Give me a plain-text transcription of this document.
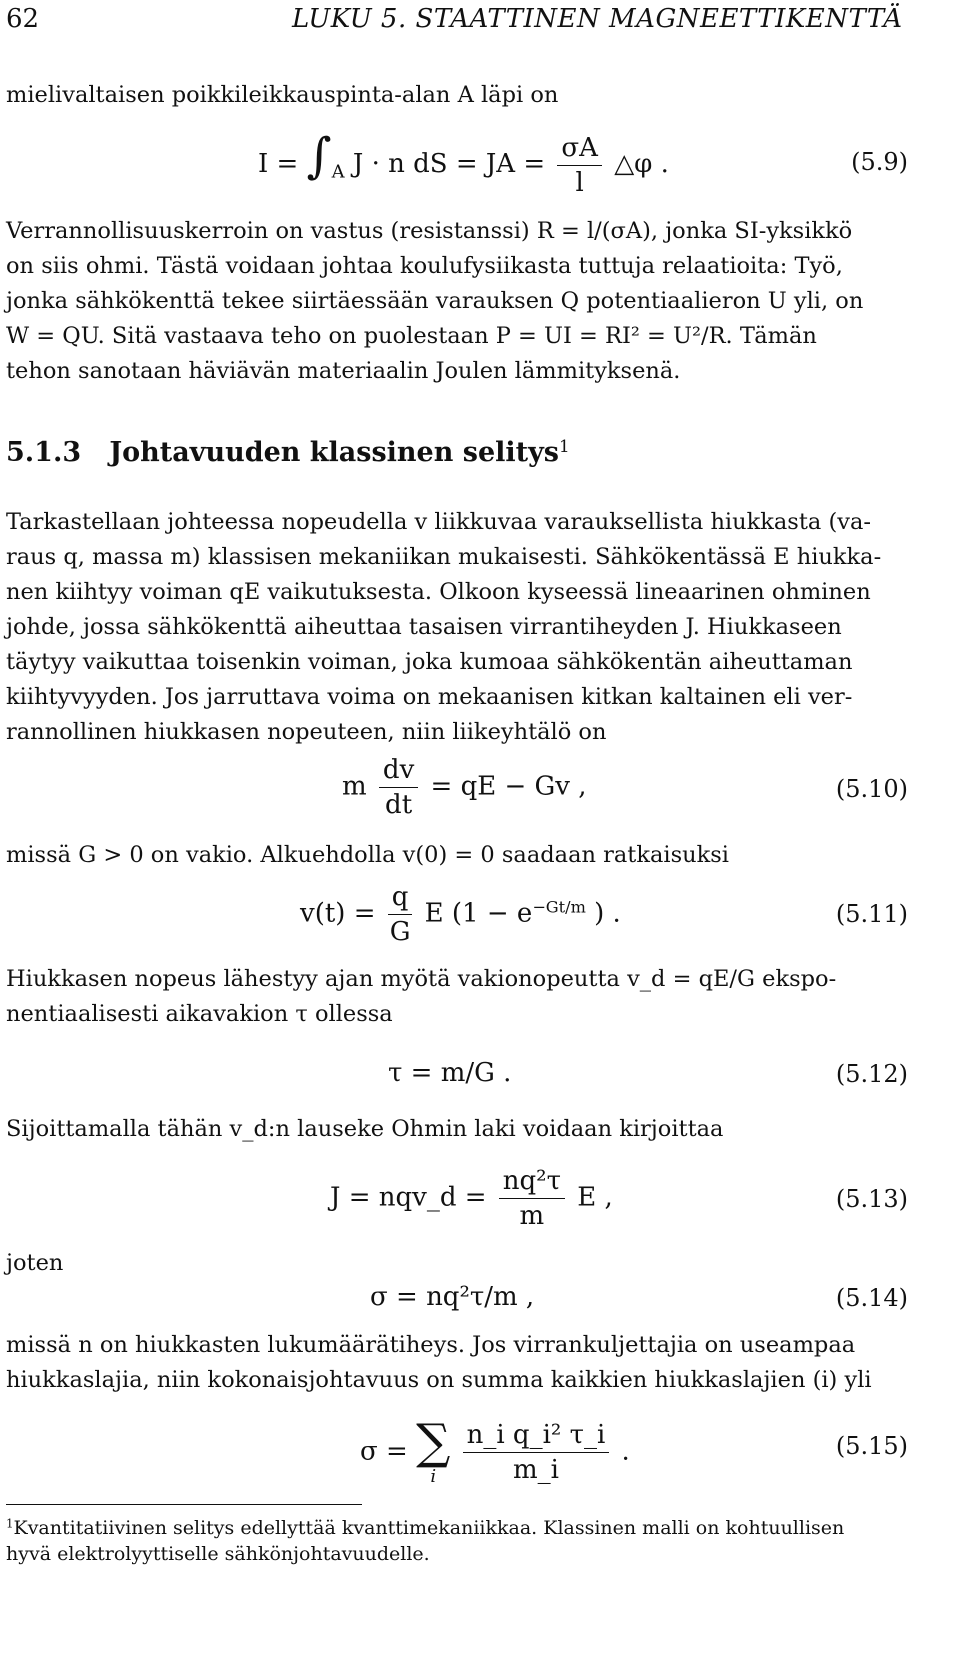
62	LUKU 5. STAATTINEN MAGNEETTIKENTTÄ
mielivaltaisen poikkileikkauspinta-alan A läpi on
$I = \int_A$ J · n dS = JA = $\frac{\sigma A}{l}$ △φ .	(5.9)
Verrannollisuuskerroin on vastus (resistanssi) R = l/(σA), jonka SI-yksikkö
on siis ohmi. Tästä voidaan johtaa koulufysiikasta tuttuja relaatioita: Työ,
jonka sähkökenttä tekee siirtäessään varauksen Q potentiaalieron U yli, on
W = QU. Sitä vastaava teho on puolestaan P = UI = RI² = U²/R. Tämän
tehon sanotaan häviävän materiaalin Joulen lämmityksenä.
5.1.3 Johtavuuden klassinen selitys$^1$
Tarkastellaan johteessa nopeudella v liikkuvaa varauksellista hiukkasta (va-
raus q, massa m) klassisen mekaniikan mukaisesti. Sähkökentässä E hiukka-
nen kiihtyy voiman qE vaikutuksesta. Olkoon kyseessä lineaarinen ohminen
johde, jossa sähkökenttä aiheuttaa tasaisen virrantiheyden J. Hiukkaseen
täytyy vaikuttaa toisenkin voiman, joka kumoaa sähkökentän aiheuttaman
kiihtyvyyden. Jos jarruttava voima on mekaanisen kitkan kaltainen eli ver-
rannollinen hiukkasen nopeuteen, niin liikeyhtälö on
m $\frac{dv}{dt}$ = qE − Gv ,	(5.10)
missä G > 0 on vakio. Alkuehdolla v(0) = 0 saadaan ratkaisuksi
$v(t) = \frac{q}{G}$ E ($1 - e^{-Gt/m}$ ) .	(5.11)
Hiukkasen nopeus lähestyy ajan myötä vakionopeutta v_d = qE/G ekspo-
nentiaalisesti aikavakion τ ollessa
τ = m/G .	(5.12)
Sijoittamalla tähän v_d:n lauseke Ohmin laki voidaan kirjoittaa
J = nqv_d = $\frac{\text{nq²τ}}{m}$ E ,	(5.13)
joten
σ = nq²τ/m ,	(5.14)
missä n on hiukkasten lukumäärätiheys. Jos virrankuljettajia on useampaa
hiukkaslajia, niin kokonaisjohtavuus on summa kaikkien hiukkaslajien (i) yli
σ = ∑
i
	$\frac{\text{n\_i q\_i² τ\_i}}{m\_i}$ .	(5.15)
$^1$Kvantitatiivinen selitys edellyttää kvanttimekaniikkaa. Klassinen malli on kohtuullisen
hyvä elektrolyyttiselle sähkönjohtavuudelle.
